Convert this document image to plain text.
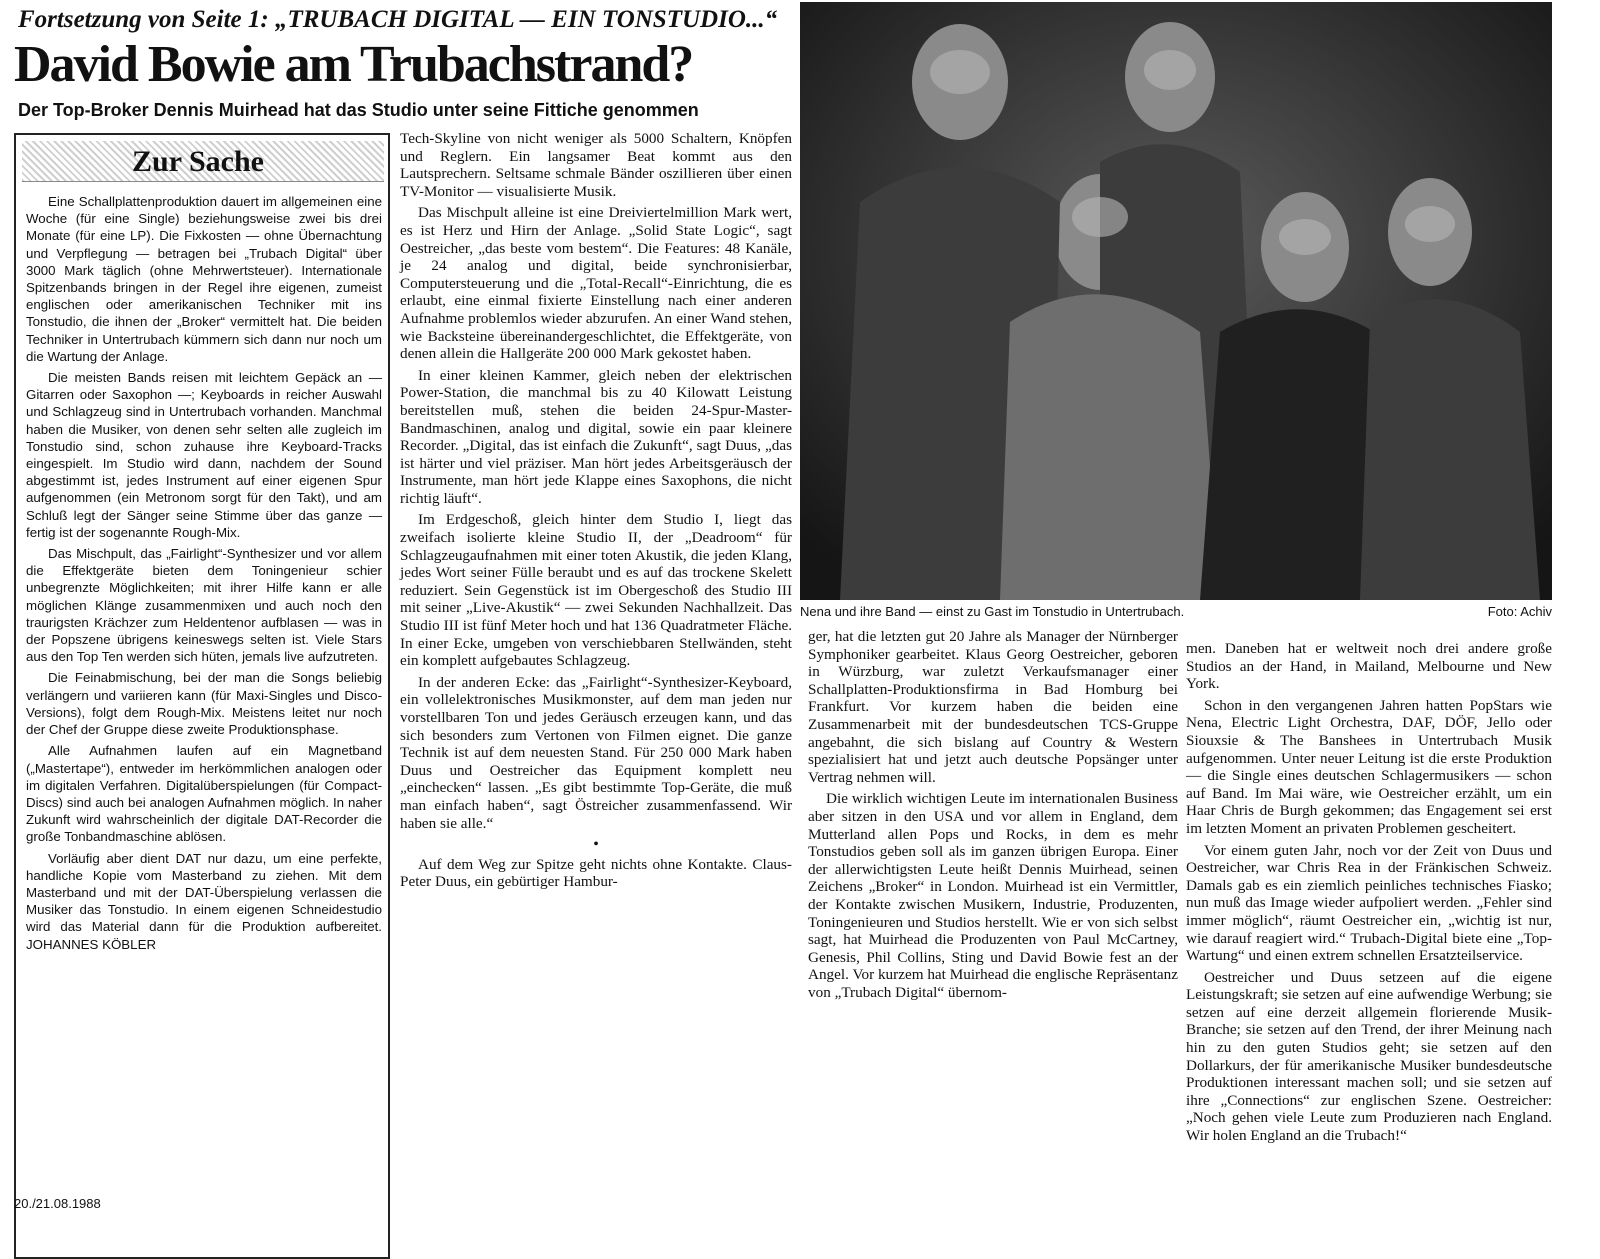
Fortsetzung von Seite 1: „TRUBACH DIGITAL — EIN TONSTUDIO...“
David Bowie am Trubachstrand?
Der Top-Broker Dennis Muirhead hat das Studio unter seine Fittiche genommen
Zur Sache

Eine Schallplattenproduktion dauert im allgemeinen eine Woche (für eine Single) beziehungsweise zwei bis drei Monate (für eine LP). Die Fixkosten — ohne Übernachtung und Verpflegung — betragen bei „Trubach Digital“ über 3000 Mark täglich (ohne Mehrwertsteuer). Internationale Spitzenbands bringen in der Regel ihre eigenen, zumeist englischen oder amerikanischen Techniker mit ins Tonstudio, die ihnen der „Broker“ vermittelt hat. Die beiden Techniker in Untertrubach kümmern sich dann nur noch um die Wartung der Anlage.

Die meisten Bands reisen mit leichtem Gepäck an — Gitarren oder Saxophon —; Keyboards in reicher Auswahl und Schlagzeug sind in Untertrubach vorhanden. Manchmal haben die Musiker, von denen sehr selten alle zugleich im Tonstudio sind, schon zuhause ihre Keyboard-Tracks eingespielt. Im Studio wird dann, nachdem der Sound abgestimmt ist, jedes Instrument auf einer eigenen Spur aufgenommen (ein Metronom sorgt für den Takt), und am Schluß legt der Sänger seine Stimme über das ganze — fertig ist der sogenannte Rough-Mix.

Das Mischpult, das „Fairlight“-Synthesizer und vor allem die Effektgeräte bieten dem Toningenieur schier unbegrenzte Möglichkeiten; mit ihrer Hilfe kann er alle möglichen Klänge zusammenmixen und auch noch den traurigsten Krächzer zum Heldentenor aufblasen — was in der Popszene übrigens keineswegs selten ist. Viele Stars aus den Top Ten werden sich hüten, jemals live aufzutreten.

Die Feinabmischung, bei der man die Songs beliebig verlängern und variieren kann (für Maxi-Singles und Disco-Versions), folgt dem Rough-Mix. Meistens leitet nur noch der Chef der Gruppe diese zweite Produktionsphase.

Alle Aufnahmen laufen auf ein Magnetband („Mastertape“), entweder im herkömmlichen analogen oder im digitalen Verfahren. Digitalüberspielungen (für Compact-Discs) sind auch bei analogen Aufnahmen möglich. In naher Zukunft wird wahrscheinlich der digitale DAT-Recorder die große Tonbandmaschine ablösen.

Vorläufig aber dient DAT nur dazu, um eine perfekte, handliche Kopie vom Masterband zu ziehen. Mit dem Masterband und mit der DAT-Überspielung verlassen die Musiker das Tonstudio. In einem eigenen Schneidestudio wird das Material dann für die Produktion aufbereitet. JOHANNES KÖBLER

Tech-Skyline von nicht weniger als 5000 Schaltern, Knöpfen und Reglern. Ein langsamer Beat kommt aus den Lautsprechern. Seltsame schmale Bänder oszillieren über einen TV-Monitor — visualisierte Musik.

Das Mischpult alleine ist eine Dreiviertelmillion Mark wert, es ist Herz und Hirn der Anlage. „Solid State Logic“, sagt Oestreicher, „das beste vom bestem“. Die Features: 48 Kanäle, je 24 analog und digital, beide synchronisierbar, Computersteuerung und die „Total-Recall“-Einrichtung, die es erlaubt, eine einmal fixierte Einstellung nach einer anderen Aufnahme problemlos wieder abzurufen. An einer Wand stehen, wie Backsteine übereinandergeschlichtet, die Effektgeräte, von denen allein die Hallgeräte 200 000 Mark gekostet haben.

In einer kleinen Kammer, gleich neben der elektrischen Power-Station, die manchmal bis zu 40 Kilowatt Leistung bereitstellen muß, stehen die beiden 24-Spur-Master-Bandmaschinen, analog und digital, sowie ein paar kleinere Recorder. „Digital, das ist einfach die Zukunft“, sagt Duus, „das ist härter und viel präziser. Man hört jedes Arbeitsgeräusch der Instrumente, man hört jede Klappe eines Saxophons, die nicht richtig läuft“.

Im Erdgeschoß, gleich hinter dem Studio I, liegt das zweifach isolierte kleine Studio II, der „Deadroom“ für Schlagzeugaufnahmen mit einer toten Akustik, die jeden Klang, jedes Wort seiner Fülle beraubt und es auf das trockene Skelett reduziert. Sein Gegenstück ist im Obergeschoß des Studio III mit seiner „Live-Akustik“ — zwei Sekunden Nachhallzeit. Das Studio III ist fünf Meter hoch und hat 136 Quadratmeter Fläche. In einer Ecke, umgeben von verschiebbaren Stellwänden, steht ein komplett aufgebautes Schlagzeug.

In der anderen Ecke: das „Fairlight“-Synthesizer-Keyboard, ein vollelektronisches Musikmonster, auf dem man jeden nur vorstellbaren Ton und jedes Geräusch erzeugen kann, und das sich besonders zum Vertonen von Filmen eignet. Die ganze Technik ist auf dem neuesten Stand. Für 250 000 Mark haben Duus und Oestreicher das Equipment komplett neu „einchecken“ lassen. „Es gibt bestimmte Top-Geräte, die muß man einfach haben“, sagt Östreicher zusammenfassend. Wir haben sie alle.“

•

Auf dem Weg zur Spitze geht nichts ohne Kontakte. Claus-Peter Duus, ein gebürtiger Hambur-

Nena und ihre Band — einst zu Gast im Tonstudio in Untertrubach.	Foto: Achiv

ger, hat die letzten gut 20 Jahre als Manager der Nürnberger Symphoniker gearbeitet. Klaus Georg Oestreicher, geboren in Würzburg, war zuletzt Verkaufsmanager einer Schallplatten-Produktionsfirma in Bad Homburg bei Frankfurt. Vor kurzem haben die beiden eine Zusammenarbeit mit der bundesdeutschen TCS-Gruppe angebahnt, die sich bislang auf Country & Western spezialisiert hat und jetzt auch deutsche Popsänger unter Vertrag nehmen will.

Die wirklich wichtigen Leute im internationalen Business aber sitzen in den USA und vor allem in England, dem Mutterland allen Pops und Rocks, in dem es mehr Tonstudios geben soll als im ganzen übrigen Europa. Einer der allerwichtigsten Leute heißt Dennis Muirhead, seinen Zeichens „Broker“ in London. Muirhead ist ein Vermittler, der Kontakte zwischen Musikern, Industrie, Produzenten, Toningenieuren und Studios herstellt. Wie er von sich selbst sagt, hat Muirhead die Produzenten von Paul McCartney, Genesis, Phil Collins, Sting und David Bowie fest an der Angel. Vor kurzem hat Muirhead die englische Repräsentanz von „Trubach Digital“ übernom-

men. Daneben hat er weltweit noch drei andere große Studios an der Hand, in Mailand, Melbourne und New York.

Schon in den vergangenen Jahren hatten PopStars wie Nena, Electric Light Orchestra, DAF, DÖF, Jello oder Siouxsie & The Banshees in Untertrubach Musik aufgenommen. Unter neuer Leitung ist die erste Produktion — die Single eines deutschen Schlagermusikers — schon auf Band. Im Mai wäre, wie Oestreicher erzählt, um ein Haar Chris de Burgh gekommen; das Engagement sei erst im letzten Moment an privaten Problemen gescheitert.

Vor einem guten Jahr, noch vor der Zeit von Duus und Oestreicher, war Chris Rea in der Fränkischen Schweiz. Damals gab es ein ziemlich peinliches technisches Fiasko; nun muß das Image wieder aufpoliert werden. „Fehler sind immer möglich“, räumt Oestreicher ein, „wichtig ist nur, wie darauf reagiert wird.“ Trubach-Digital biete eine „Top-Wartung“ und einen extrem schnellen Ersatzteilservice.

Oestreicher und Duus setzeen auf die eigene Leistungskraft; sie setzen auf eine aufwendige Werbung; sie setzen auf eine derzeit allgemein florierende Musik-Branche; sie setzen auf den Trend, der ihrer Meinung nach hin zu den guten Studios geht; sie setzen auf den Dollarkurs, der für amerikanische Musiker bundesdeutsche Produktionen interessant machen soll; und sie setzen auf ihre „Connections“ zur englischen Szene. Oestreicher: „Noch gehen viele Leute zum Produzieren nach England. Wir holen England an die Trubach!“

20./21.08.1988
